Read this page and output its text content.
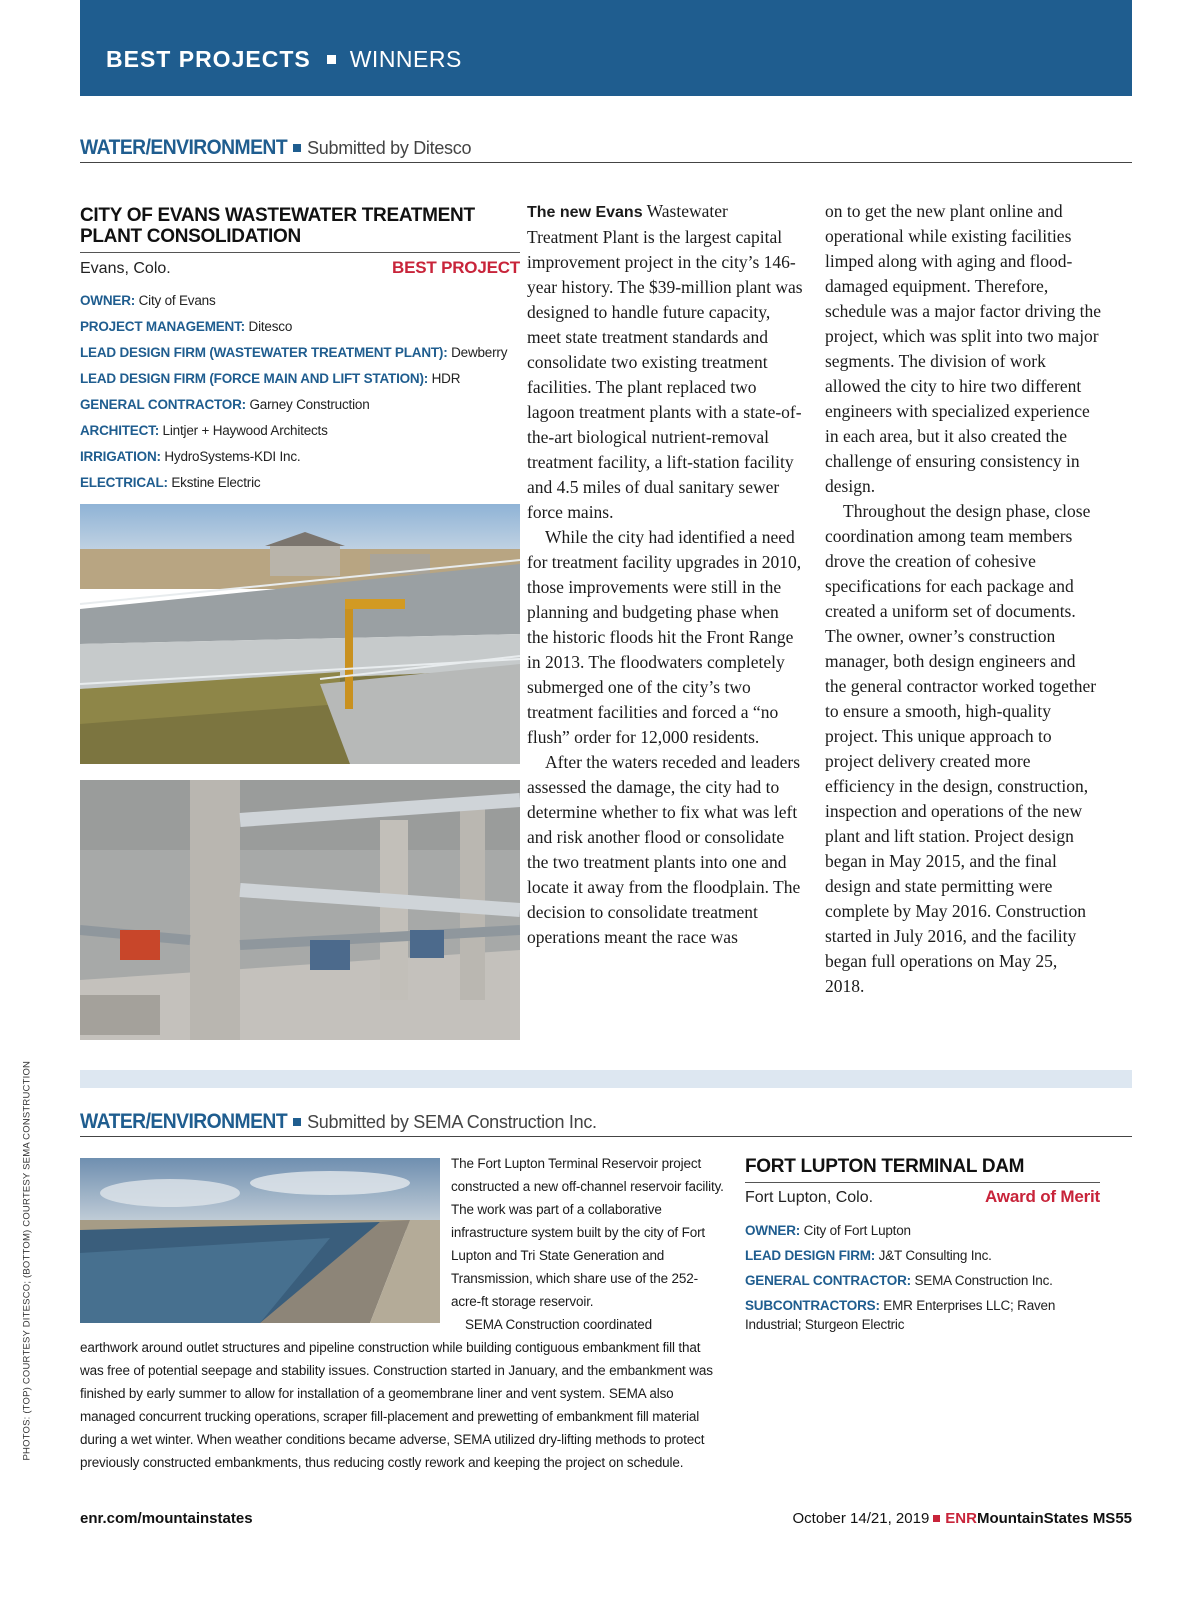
BEST PROJECTS WINNERS
WATER/ENVIRONMENT Submitted by Ditesco
CITY OF EVANS WASTEWATER TREATMENT PLANT CONSOLIDATION
Evans, Colo.	BEST PROJECT
OWNER: City of Evans
PROJECT MANAGEMENT: Ditesco
LEAD DESIGN FIRM (WASTEWATER TREATMENT PLANT): Dewberry
LEAD DESIGN FIRM (FORCE MAIN AND LIFT STATION): HDR
GENERAL CONTRACTOR: Garney Construction
ARCHITECT: Lintjer + Haywood Architects
IRRIGATION: HydroSystems-KDI Inc.
ELECTRICAL: Ekstine Electric

The new Evans Wastewater Treatment Plant is the largest capital improvement project in the city’s 146-year history. The $39-million plant was designed to handle future capacity, meet state treatment standards and consolidate two existing treatment facilities. The plant replaced two lagoon treatment plants with a state-of-the-art biological nutrient-removal treatment facility, a lift-station facility and 4.5 miles of dual sanitary sewer force mains.

While the city had identified a need for treatment facility upgrades in 2010, those improvements were still in the planning and budgeting phase when the historic floods hit the Front Range in 2013. The floodwaters completely submerged one of the city’s two treatment facilities and forced a “no flush” order for 12,000 residents.

After the waters receded and leaders assessed the damage, the city had to determine whether to fix what was left and risk another flood or consolidate the two treatment plants into one and locate it away from the floodplain. The decision to consolidate treatment operations meant the race was

on to get the new plant online and operational while existing facilities limped along with aging and flood-damaged equipment. Therefore, schedule was a major factor driving the project, which was split into two major segments. The division of work allowed the city to hire two different engineers with specialized experience in each area, but it also created the challenge of ensuring consistency in design.

Throughout the design phase, close coordination among team members drove the creation of cohesive specifications for each package and created a uniform set of documents. The owner, owner’s construction manager, both design engineers and the general contractor worked together to ensure a smooth, high-quality project. This unique approach to project delivery created more efficiency in the design, construction, inspection and operations of the new plant and lift station. Project design began in May 2015, and the final design and state permitting were complete by May 2016. Construction started in July 2016, and the facility began full operations on May 25, 2018.

PHOTOS: (TOP) COURTESY DITESCO; (BOTTOM) COURTESY SEMA CONSTRUCTION WATER/ENVIRONMENT Submitted by SEMA Construction Inc.
The Fort Lupton Terminal Reservoir project constructed a new off-channel reservoir facility. The work was part of a collaborative infrastructure system built by the city of Fort Lupton and Tri State Generation and Transmission, which share use of the 252-acre-ft storage reservoir.
SEMA Construction coordinated
earthwork around outlet structures and pipeline construction while building contiguous embankment fill that was free of potential seepage and stability issues. Construction started in January, and the embankment was finished by early summer to allow for installation of a geomembrane liner and vent system. SEMA also managed concurrent trucking operations, scraper fill-placement and prewetting of embankment fill material during a wet winter. When weather conditions became adverse, SEMA utilized dry-lifting methods to protect previously constructed embankments, thus reducing costly rework and keeping the project on schedule.
FORT LUPTON TERMINAL DAM
Fort Lupton, Colo.	Award of Merit
OWNER: City of Fort Lupton
LEAD DESIGN FIRM: J&T Consulting Inc.
GENERAL CONTRACTOR: SEMA Construction Inc.
SUBCONTRACTORS: EMR Enterprises LLC; Raven Industrial; Sturgeon Electric
enr.com/mountainstates	October 14/21, 2019 ENRMountainStates MS55
